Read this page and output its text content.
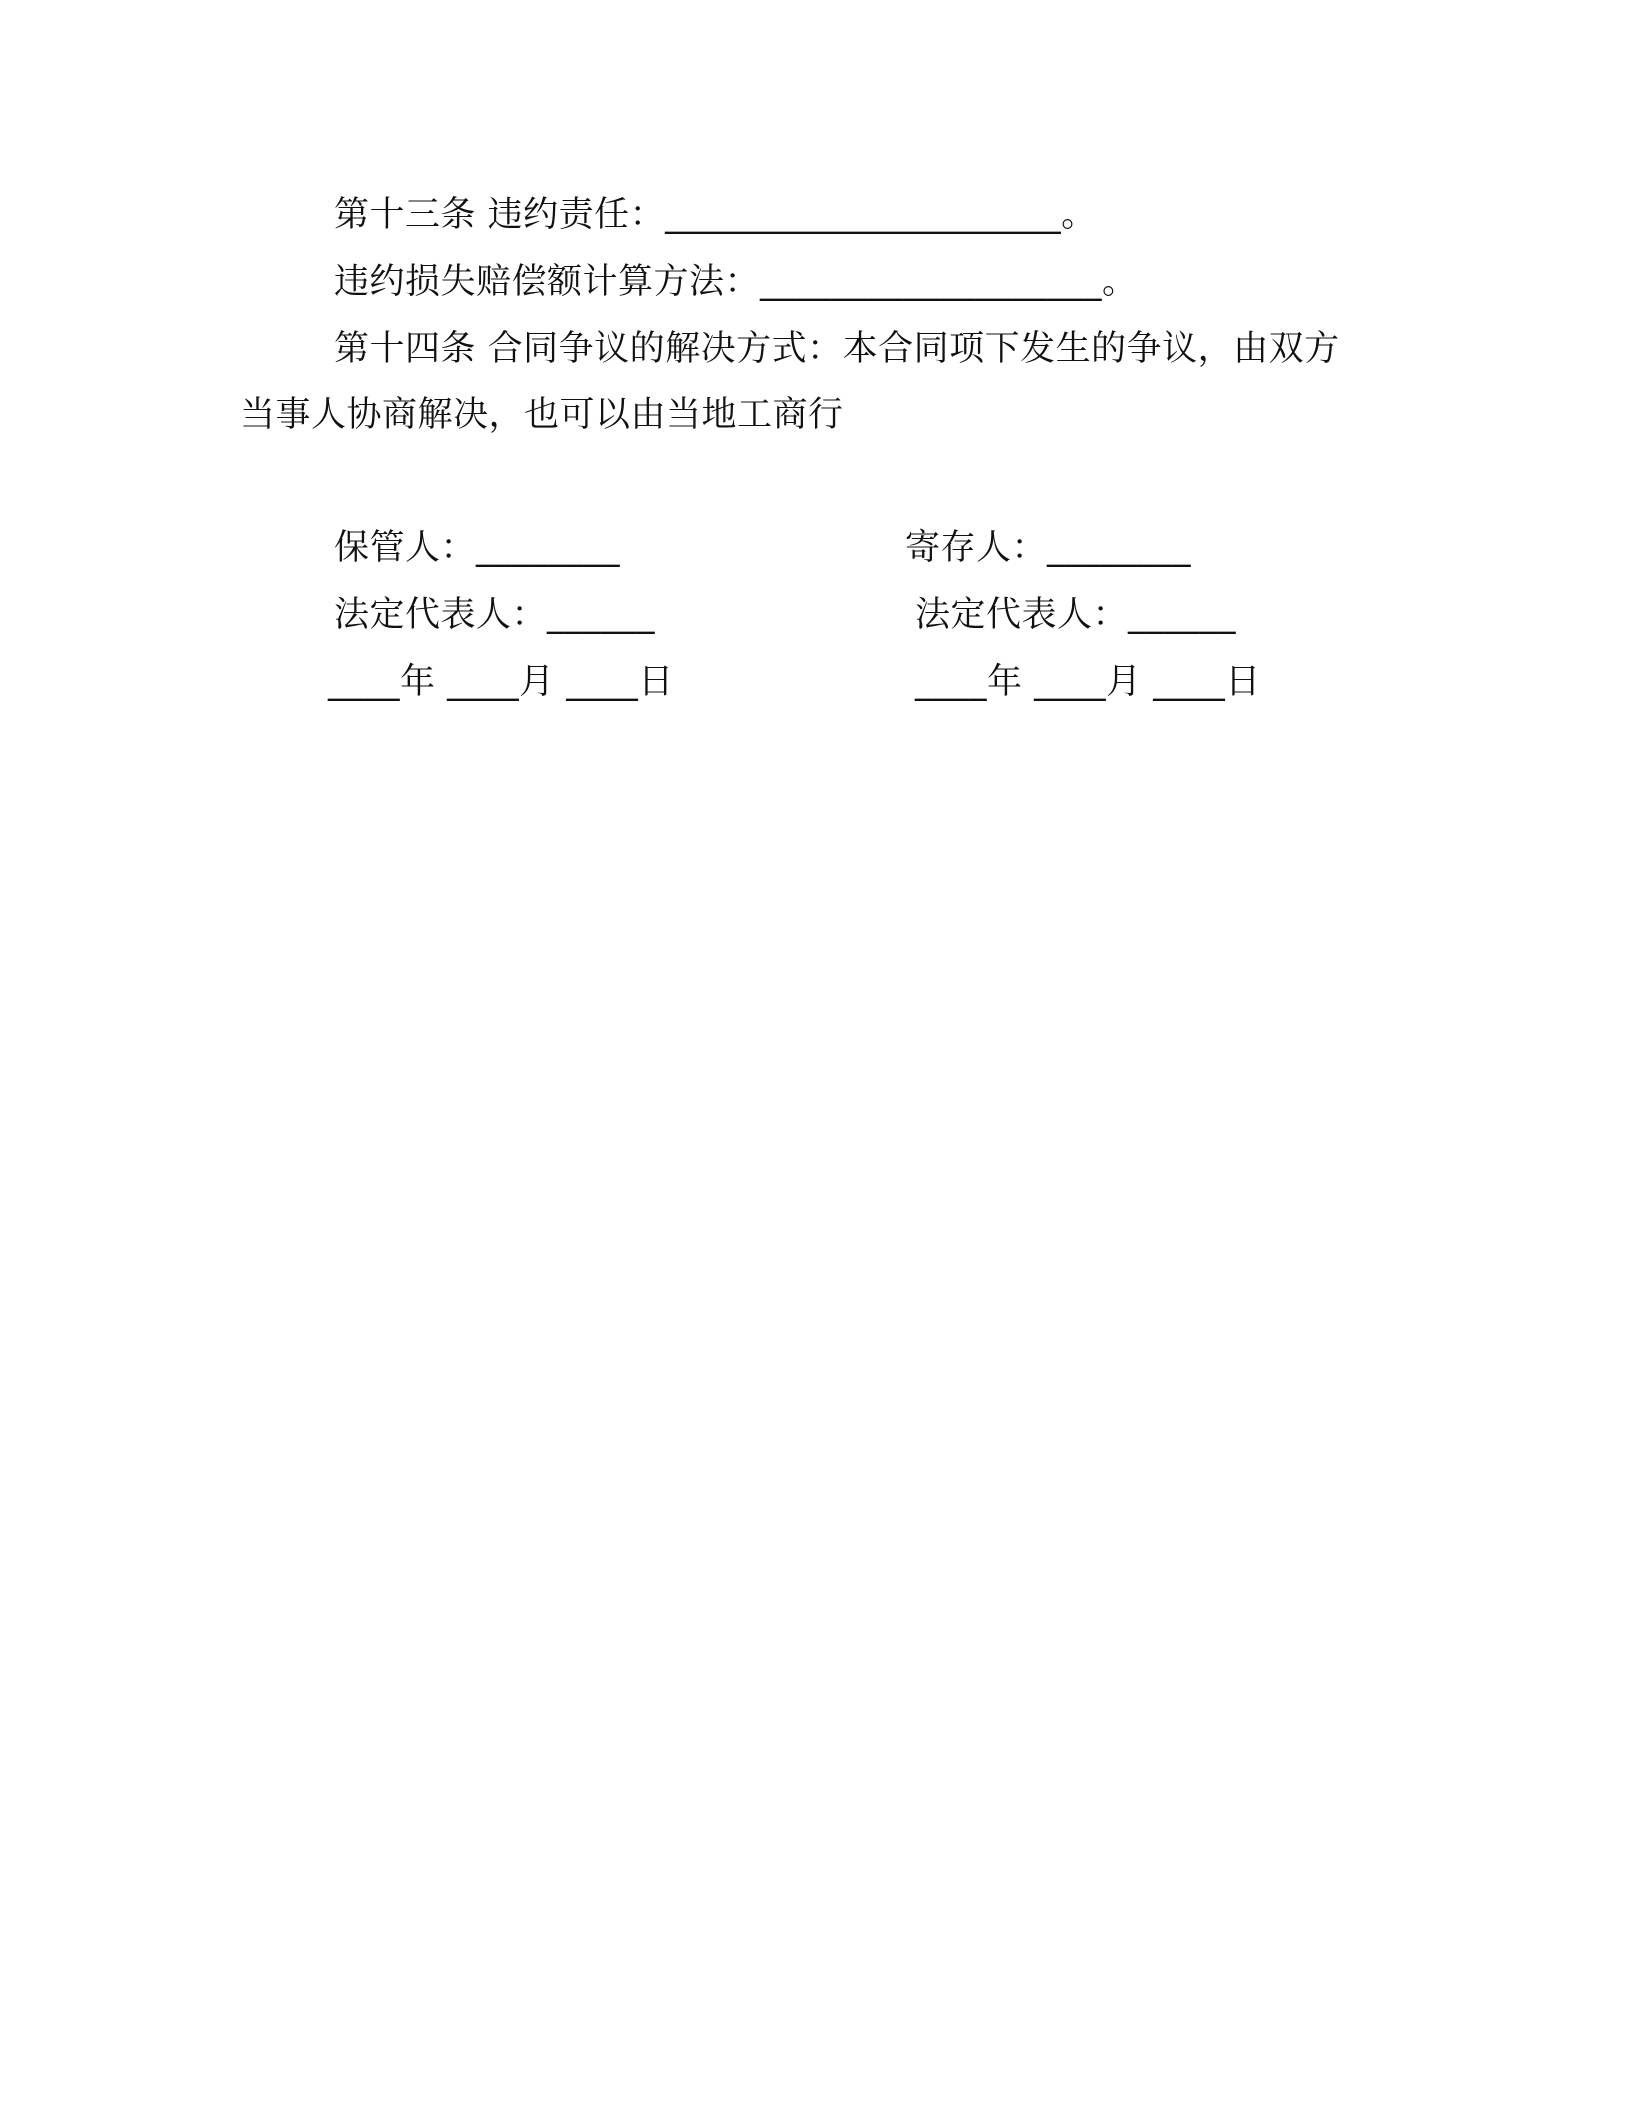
第十三条 违约责任：______________________。
违约损失赔偿额计算方法：___________________。
第十四条 合同争议的解决方式：本合同项下发生的争议，由双方
当事人协商解决，也可以由当地工商行
保管人：________	寄存人：________
法定代表人：______	法定代表人：______
____年 ____月 ____日	____年 ____月 ____日
